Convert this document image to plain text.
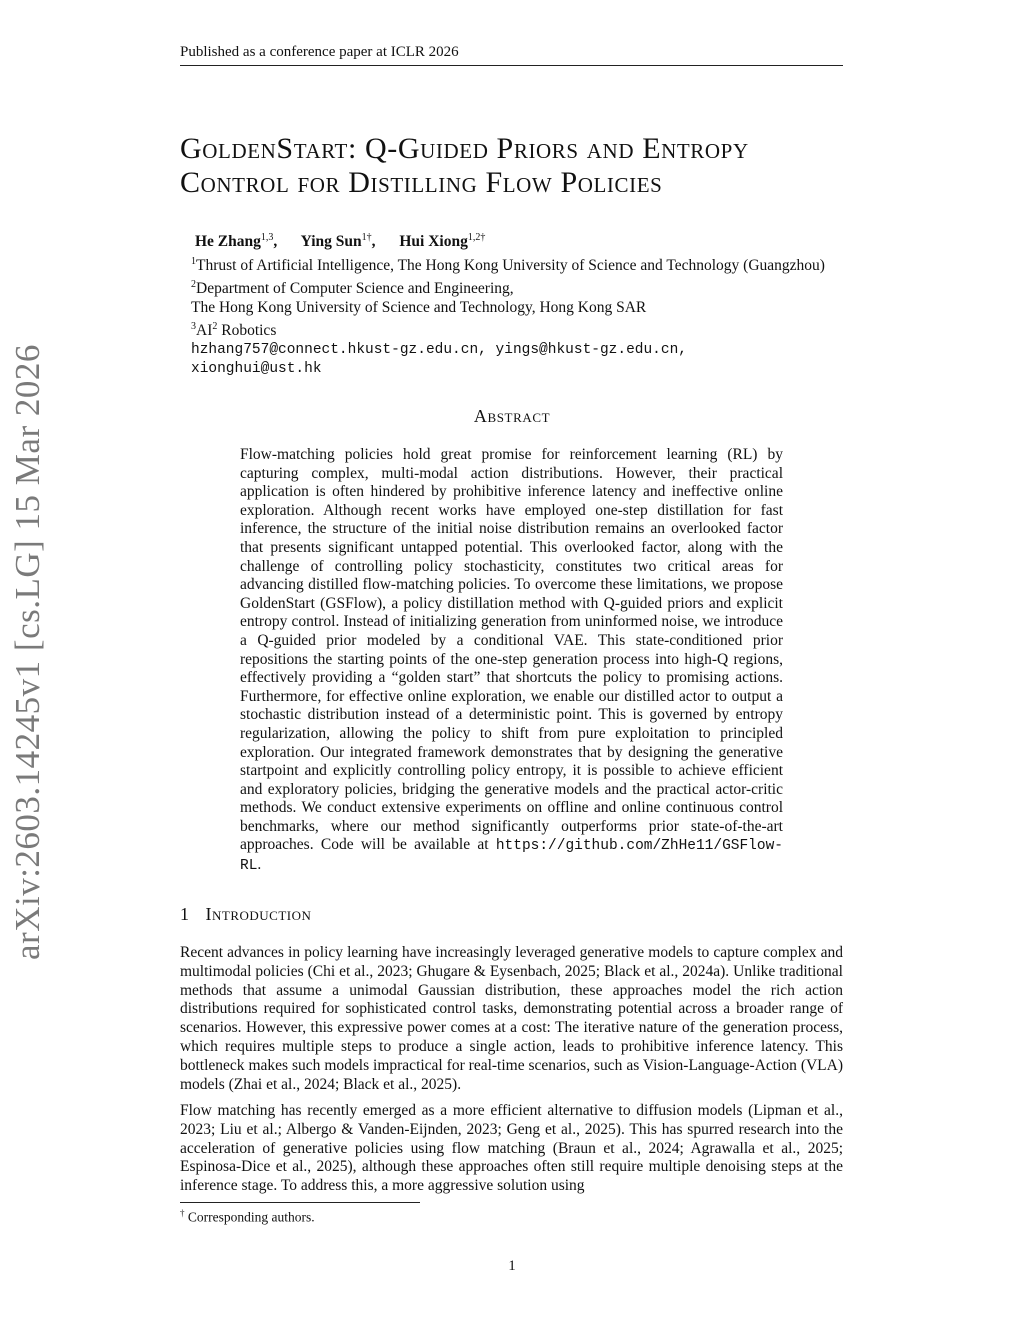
Published as a conference paper at ICLR 2026
arXiv:2603.14245v1 [cs.LG] 15 Mar 2026
GoldenStart: Q-Guided Priors and Entropy
Control for Distilling Flow Policies
He Zhang$^{1,3}$, Ying Sun$^{1\dagger}$, Hui Xiong$^{1,2\dagger}$
$^1$Thrust of Artificial Intelligence, The Hong Kong University of Science and Technology (Guangzhou)
$^2$Department of Computer Science and Engineering,
The Hong Kong University of Science and Technology, Hong Kong SAR
$^3AI^2$ Robotics
hzhang757@connect.hkust-gz.edu.cn, yings@hkust-gz.edu.cn,
xionghui@ust.hk
Abstract
Flow-matching policies hold great promise for reinforcement learning (RL) by capturing complex, multi-modal action distributions. However, their practical application is often hindered by prohibitive inference latency and ineffective online exploration. Although recent works have employed one-step distillation for fast inference, the structure of the initial noise distribution remains an overlooked factor that presents significant untapped potential. This overlooked factor, along with the challenge of controlling policy stochasticity, constitutes two critical areas for advancing distilled flow-matching policies. To overcome these limitations, we propose GoldenStart (GSFlow), a policy distillation method with Q-guided priors and explicit entropy control. Instead of initializing generation from uninformed noise, we introduce a Q-guided prior modeled by a conditional VAE. This state-conditioned prior repositions the starting points of the one-step generation process into high-Q regions, effectively providing a “golden start” that shortcuts the policy to promising actions. Furthermore, for effective online exploration, we enable our distilled actor to output a stochastic distribution instead of a deterministic point. This is governed by entropy regularization, allowing the policy to shift from pure exploitation to principled exploration. Our integrated framework demonstrates that by designing the generative startpoint and explicitly controlling policy entropy, it is possible to achieve efficient and exploratory policies, bridging the generative models and the practical actor-critic methods. We conduct extensive experiments on offline and online continuous control benchmarks, where our method significantly outperforms prior state-of-the-art approaches. Code will be available at https://github.com/ZhHe11/GSFlow-RL.
1 Introduction

Recent advances in policy learning have increasingly leveraged generative models to capture complex and multimodal policies (Chi et al., 2023; Ghugare & Eysenbach, 2025; Black et al., 2024a). Unlike traditional methods that assume a unimodal Gaussian distribution, these approaches model the rich action distributions required for sophisticated control tasks, demonstrating potential across a broader range of scenarios. However, this expressive power comes at a cost: The iterative nature of the generation process, which requires multiple steps to produce a single action, leads to prohibitive inference latency. This bottleneck makes such models impractical for real-time scenarios, such as Vision-Language-Action (VLA) models (Zhai et al., 2024; Black et al., 2025).

Flow matching has recently emerged as a more efficient alternative to diffusion models (Lipman et al., 2023; Liu et al.; Albergo & Vanden-Eijnden, 2023; Geng et al., 2025). This has spurred research into the acceleration of generative policies using flow matching (Braun et al., 2024; Agrawalla et al., 2025; Espinosa-Dice et al., 2025), although these approaches often still require multiple denoising steps at the inference stage. To address this, a more aggressive solution using

† Corresponding authors.
1
